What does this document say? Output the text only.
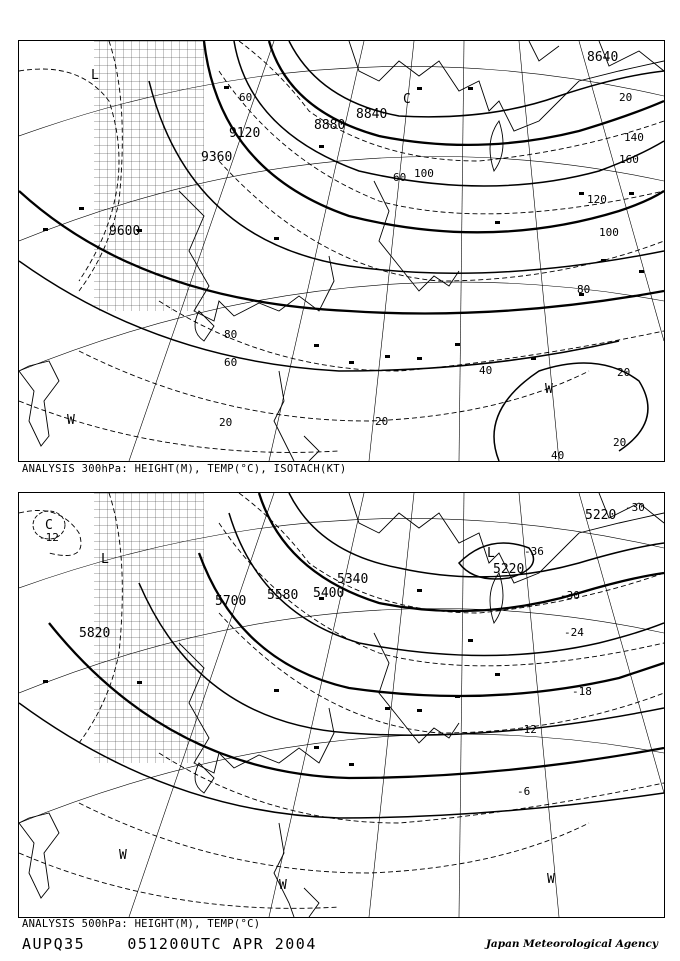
8640
8840
8880
9120
9360
9600
20
40
60
80
100
120
140
160
20	20
20
20
60
80
60
100
L
C
W
W
40
ANALYSIS 300hPa: HEIGHT(M), TEMP(°C), ISOTACH(KT)
5220
5220
5340
5400
5580
5700
5820
-12
-36
-30
-30
-24
-18
-12
-6
C
L	L
W
W
W
ANALYSIS 500hPa: HEIGHT(M), TEMP(°C)
AUPQ35	051200UTC APR 2004	Japan Meteorological Agency
